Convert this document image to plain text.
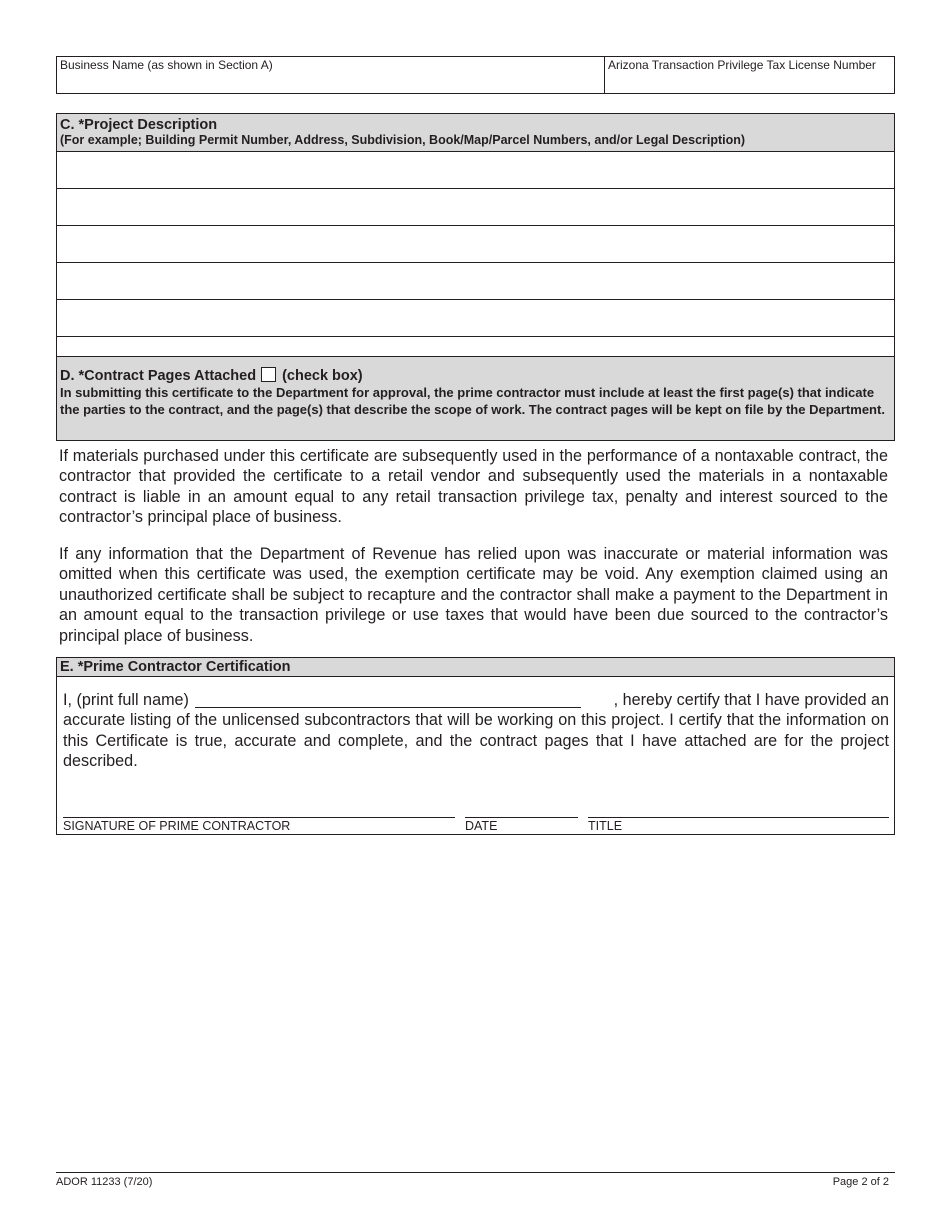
Business Name (as shown in Section A)	Arizona Transaction Privilege Tax License Number
C. *Project Description
(For example; Building Permit Number, Address, Subdivision, Book/Map/Parcel Numbers, and/or Legal Description)
D. *Contract Pages Attached (check box)
In submitting this certificate to the Department for approval, the prime contractor must include at least the first page(s) that indicate the parties to the contract, and the page(s) that describe the scope of work. The contract pages will be kept on file by the Department.
If materials purchased under this certificate are subsequently used in the performance of a nontaxable contract, the contractor that provided the certificate to a retail vendor and subsequently used the materials in a nontaxable contract is liable in an amount equal to any retail transaction privilege tax, penalty and interest sourced to the contractor’s principal place of business.
If any information that the Department of Revenue has relied upon was inaccurate or material information was omitted when this certificate was used, the exemption certificate may be void. Any exemption claimed using an unauthorized certificate shall be subject to recapture and the contractor shall make a payment to the Department in an amount equal to the transaction privilege or use taxes that would have been due sourced to the contractor’s principal place of business.
E. *Prime Contractor Certification
I, (print full name)	, hereby certify that I have provided an
accurate listing of the unlicensed subcontractors that will be working on this project. I certify that the information on this Certificate is true, accurate and complete, and the contract pages that I have attached are for the project described.
SIGNATURE OF PRIME CONTRACTOR	DATE	TITLE
ADOR 11233 (7/20)	Page 2 of 2
